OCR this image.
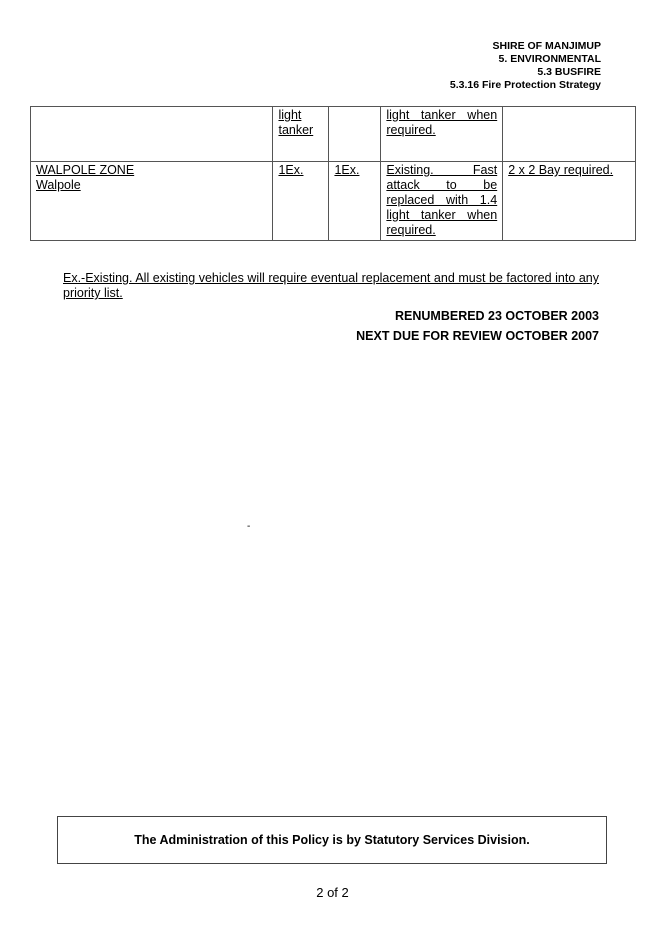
SHIRE OF MANJIMUP
5. ENVIRONMENTAL
5.3 BUSFIRE
5.3.16 Fire Protection Strategy
	light tanker		light tanker when required.	

WALPOLE ZONE
Walpole	1Ex.	1Ex.	Existing. Fast attack to be replaced with 1.4 light tanker when required.	2 x 2 Bay required.
Ex.-Existing. All existing vehicles will require eventual replacement and must be factored into any priority list.
RENUMBERED 23 OCTOBER 2003
NEXT DUE FOR REVIEW OCTOBER 2007
-
The Administration of this Policy is by Statutory Services Division.
2 of 2
